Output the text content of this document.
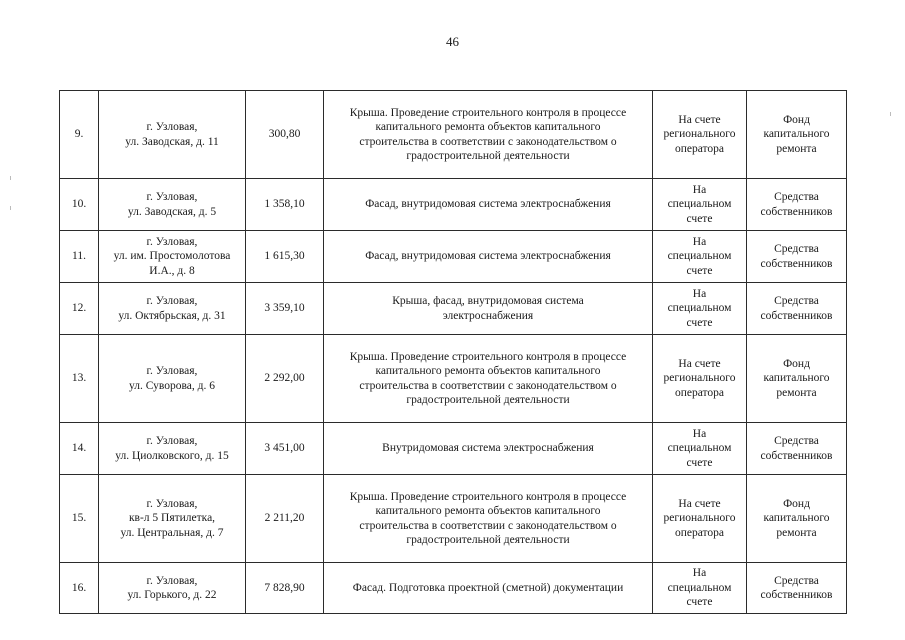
46
9.	г. Узловая,
ул. Заводская, д. 11	300,80	Крыша. Проведение строительного контроля в процессе
капитального ремонта объектов капитального
строительства в соответствии с законодательством о
градостроительной деятельности	На счете
регионального
оператора	Фонд
капитального
ремонта

10.	г. Узловая,
ул. Заводская, д. 5	1 358,10	Фасад, внутридомовая система электроснабжения	На
специальном
счете	Средства
собственников

11.	г. Узловая,
ул. им. Простомолотова
И.А., д. 8	1 615,30	Фасад, внутридомовая система электроснабжения	На
специальном
счете	Средства
собственников

12.	г. Узловая,
ул. Октябрьская, д. 31	3 359,10	Крыша, фасад, внутридомовая система
электроснабжения	На
специальном
счете	Средства
собственников

13.	г. Узловая,
ул. Суворова, д. 6	2 292,00	Крыша. Проведение строительного контроля в процессе
капитального ремонта объектов капитального
строительства в соответствии с законодательством о
градостроительной деятельности	На счете
регионального
оператора	Фонд
капитального
ремонта

14.	г. Узловая,
ул. Циолковского, д. 15	3 451,00	Внутридомовая система электроснабжения	На
специальном
счете	Средства
собственников

15.	г. Узловая,
кв-л 5 Пятилетка,
ул. Центральная, д. 7	2 211,20	Крыша. Проведение строительного контроля в процессе
капитального ремонта объектов капитального
строительства в соответствии с законодательством о
градостроительной деятельности	На счете
регионального
оператора	Фонд
капитального
ремонта

16.	г. Узловая,
ул. Горького, д. 22	7 828,90	Фасад. Подготовка проектной (сметной) документации	На
специальном
счете	Средства
собственников
